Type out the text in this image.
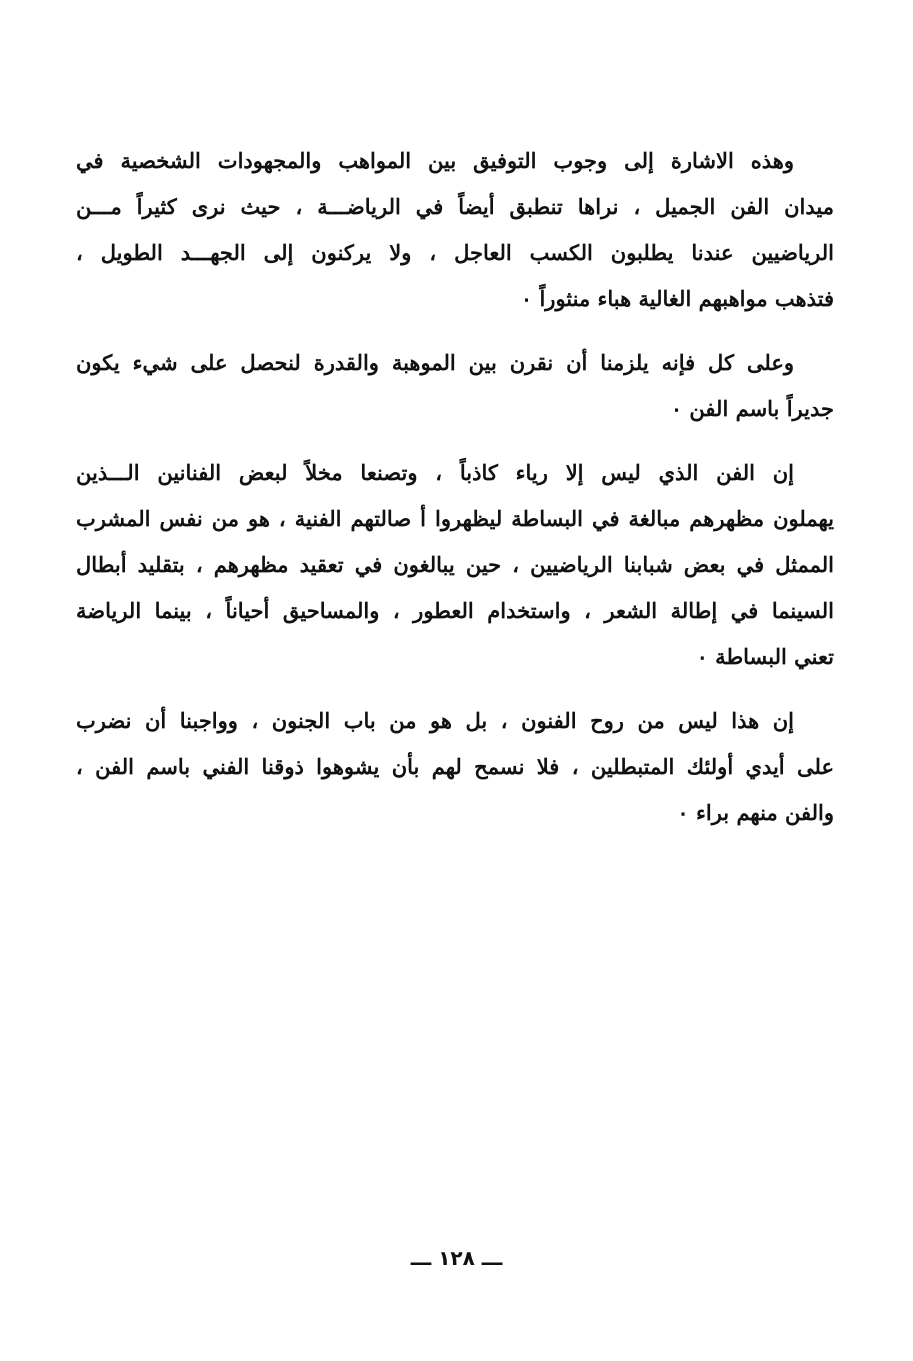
وهذه الاشارة إلى وجوب التوفيق بين المواهب والمجهودات الشخصية في
ميدان الفن الجميل ، نراها تنطبق أيضاً في الرياضـــة ، حيث نرى كثيراً مـــن
الرياضيين عندنا يطلبون الكسب العاجل ، ولا يركنون إلى الجهـــد الطويل ،
فتذهب مواهبهم الغالية هباء منثوراً ٠
وعلى كل فإنه يلزمنا أن نقرن بين الموهبة والقدرة لنحصل على شيء يكون
جديراً باسم الفن ٠
إن الفن الذي ليس إلا رياء كاذباً ، وتصنعا مخلاً لبعض الفنانين الـــذين
يهملون مظهرهم مبالغة في البساطة ليظهروا أ صالتهم الفنية ، هو من نفس المشرب
الممثل في بعض شبابنا الرياضيين ، حين يبالغون في تعقيد مظهرهم ، بتقليد أبطال
السينما في إطالة الشعر ، واستخدام العطور ، والمساحيق أحياناً ، بينما الرياضة
تعني البساطة ٠
إن هذا ليس من روح الفنون ، بل هو من باب الجنون ، وواجبنا أن نضرب
على أيدي أولئك المتبطلين ، فلا نسمح لهم بأن يشوهوا ذوقنا الفني باسم الفن ،
والفن منهم براء ٠
ـــ ١٢٨ ـــ
